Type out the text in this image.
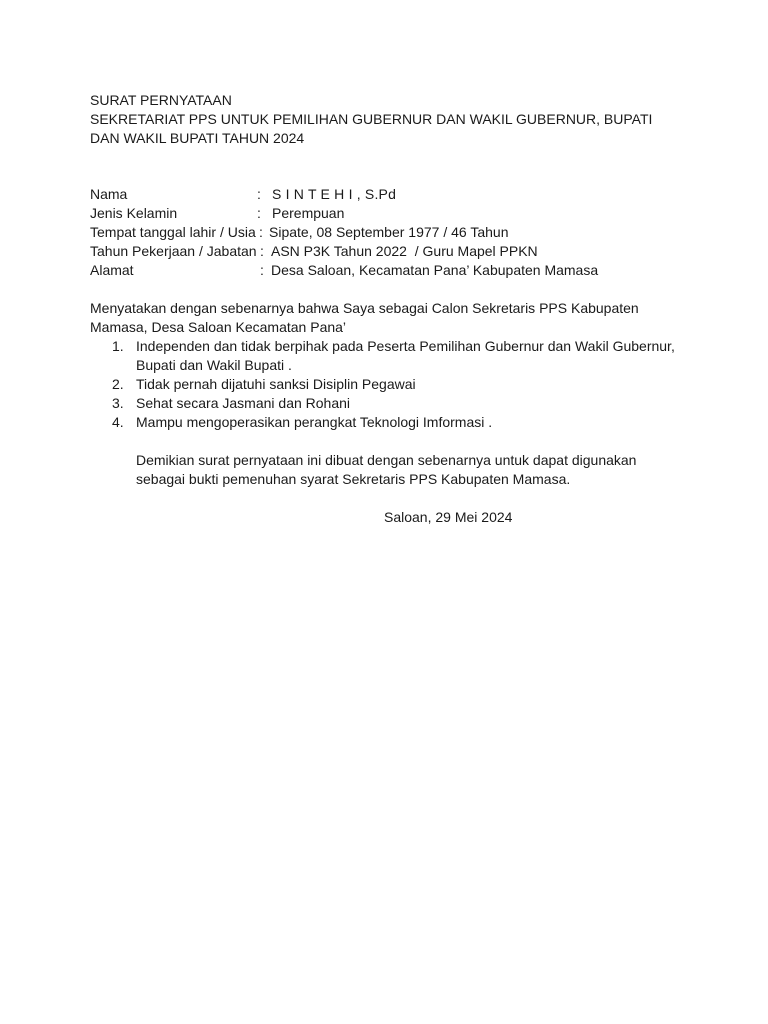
SURAT PERNYATAAN
SEKRETARIAT PPS UNTUK PEMILIHAN GUBERNUR DAN WAKIL GUBERNUR, BUPATI
DAN WAKIL BUPATI TAHUN 2024
Nama	: S I N T E H I , S.Pd
Jenis Kelamin	: Perempuan
Tempat tanggal lahir / Usia : Sipate, 08 September 1977 / 46 Tahun
Tahun Pekerjaan / Jabatan : ASN P3K Tahun 2022  / Guru Mapel PPKN
Alamat	: Desa Saloan, Kecamatan Pana’ Kabupaten Mamasa
Menyatakan dengan sebenarnya bahwa Saya sebagai Calon Sekretaris PPS Kabupaten Mamasa, Desa Saloan Kecamatan Pana’
1. Independen dan tidak berpihak pada Peserta Pemilihan Gubernur dan Wakil Gubernur, Bupati dan Wakil Bupati .
2. Tidak pernah dijatuhi sanksi Disiplin Pegawai
3. Sehat secara Jasmani dan Rohani
4. Mampu mengoperasikan perangkat Teknologi Imformasi .
Demikian surat pernyataan ini dibuat dengan sebenarnya untuk dapat digunakan sebagai bukti pemenuhan syarat Sekretaris PPS Kabupaten Mamasa.
Saloan, 29 Mei 2024
